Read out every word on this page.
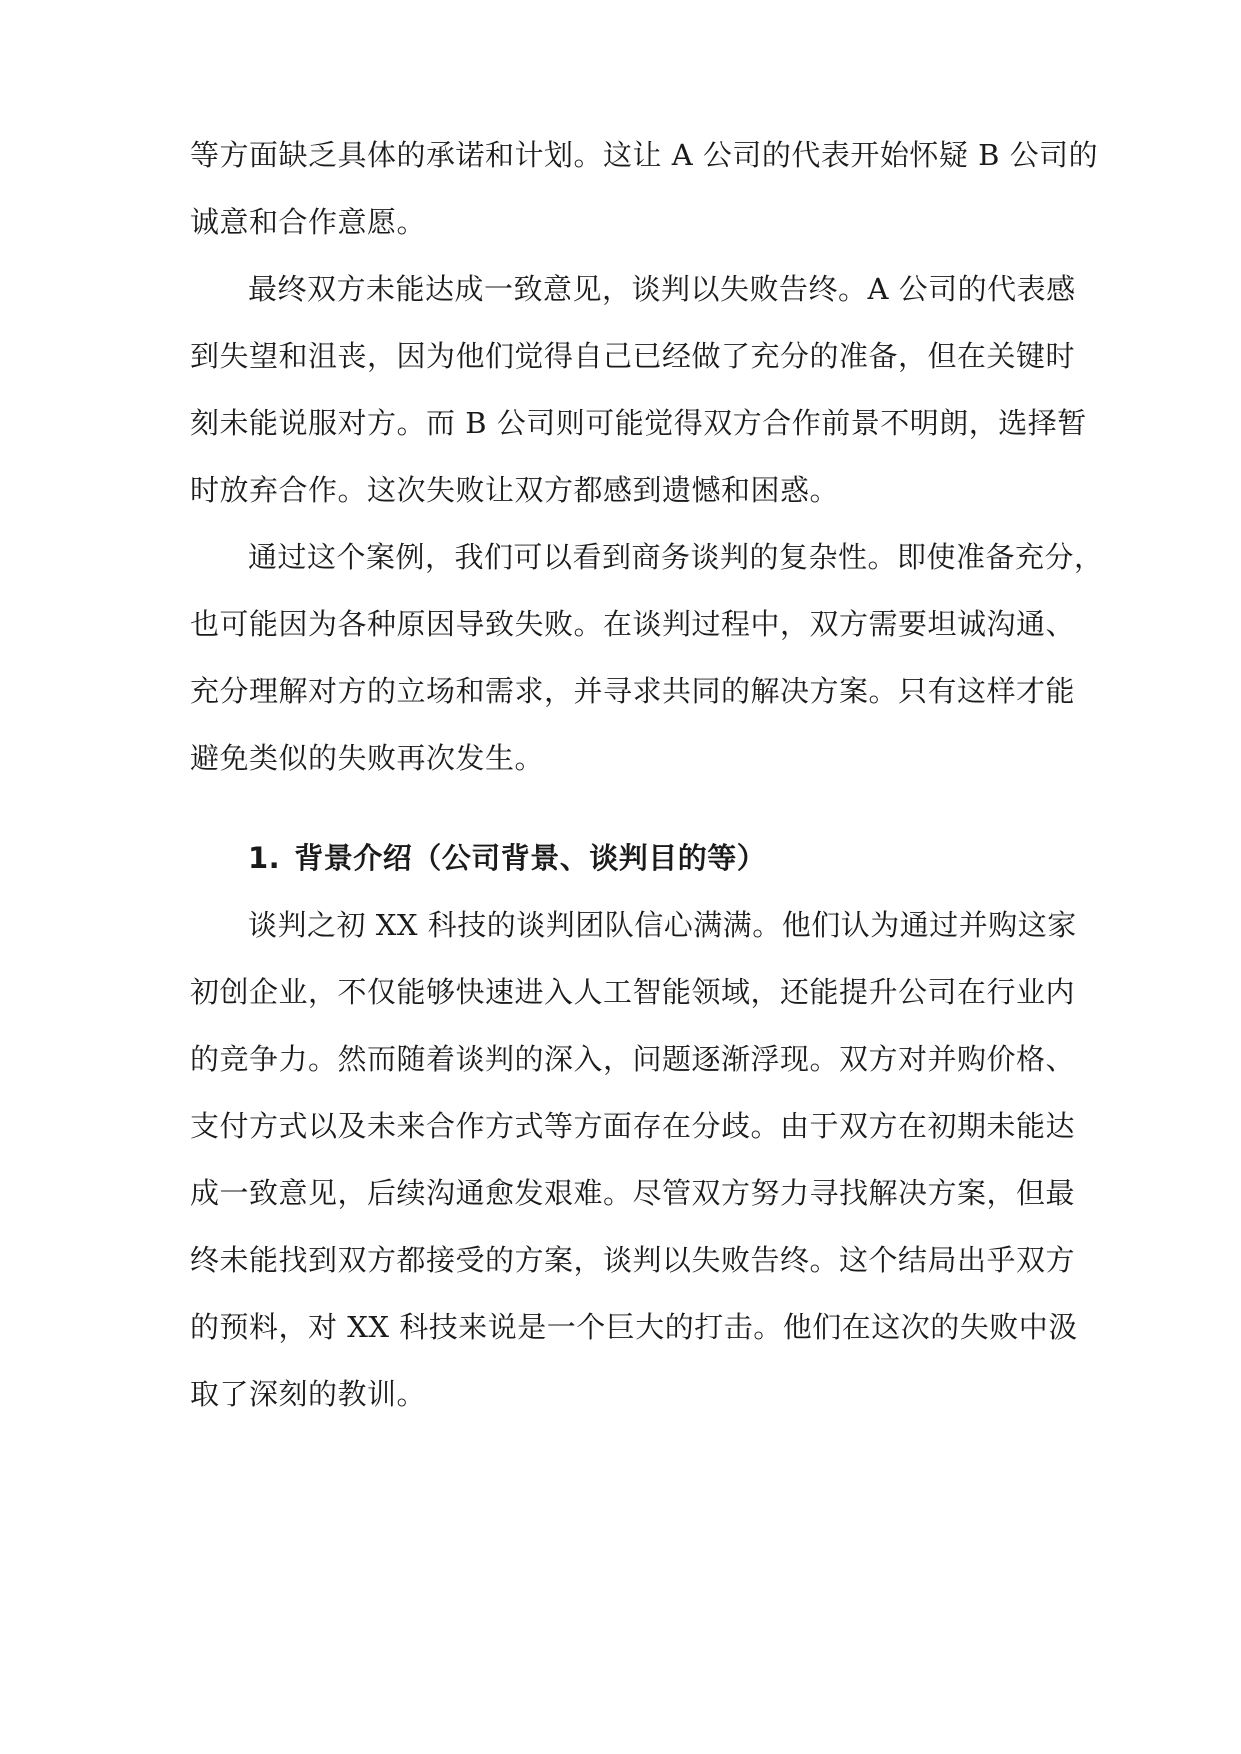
等方面缺乏具体的承诺和计划。这让 A 公司的代表开始怀疑 B 公司的
诚意和合作意愿。
最终双方未能达成一致意见，谈判以失败告终。A 公司的代表感
到失望和沮丧，因为他们觉得自己已经做了充分的准备，但在关键时
刻未能说服对方。而 B 公司则可能觉得双方合作前景不明朗，选择暂
时放弃合作。这次失败让双方都感到遗憾和困惑。
通过这个案例，我们可以看到商务谈判的复杂性。即使准备充分，
也可能因为各种原因导致失败。在谈判过程中，双方需要坦诚沟通、
充分理解对方的立场和需求，并寻求共同的解决方案。只有这样才能
避免类似的失败再次发生。
1. 背景介绍（公司背景、谈判目的等）
谈判之初 XX 科技的谈判团队信心满满。他们认为通过并购这家
初创企业，不仅能够快速进入人工智能领域，还能提升公司在行业内
的竞争力。然而随着谈判的深入，问题逐渐浮现。双方对并购价格、
支付方式以及未来合作方式等方面存在分歧。由于双方在初期未能达
成一致意见，后续沟通愈发艰难。尽管双方努力寻找解决方案，但最
终未能找到双方都接受的方案，谈判以失败告终。这个结局出乎双方
的预料，对 XX 科技来说是一个巨大的打击。他们在这次的失败中汲
取了深刻的教训。
